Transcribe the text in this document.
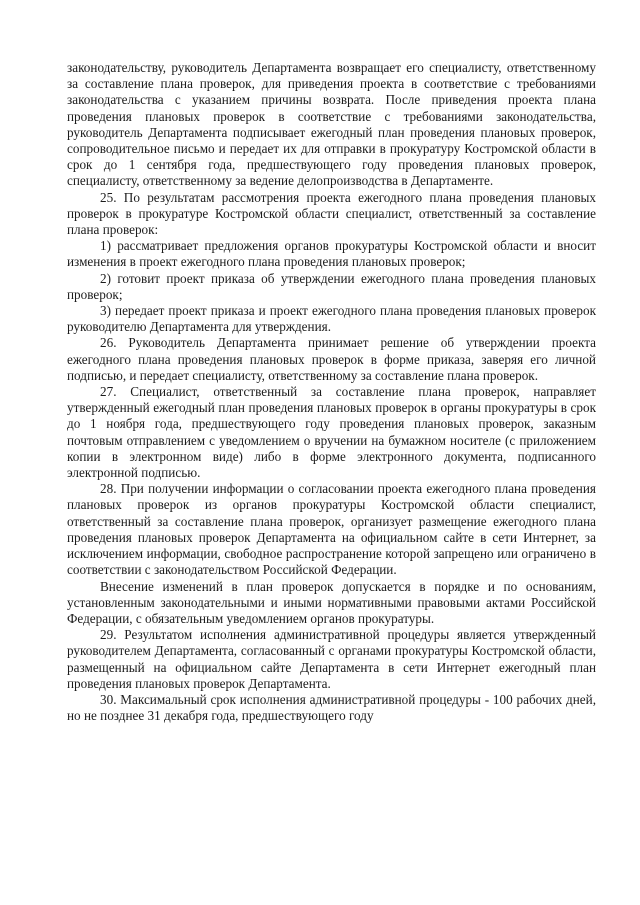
законодательству, руководитель Департамента возвращает его специалисту, ответственному за составление плана проверок, для приведения проекта в соответствие с требованиями законодательства с указанием причины возврата. После приведения проекта плана проведения плановых проверок в соответствие с требованиями законодательства, руководитель Департамента подписывает ежегодный план проведения плановых проверок, сопроводительное письмо и передает их для отправки в прокуратуру Костромской области в срок до 1 сентября года, предшествующего году проведения плановых проверок, специалисту, ответственному за ведение делопроизводства в Департаменте.

25. По результатам рассмотрения проекта ежегодного плана проведения плановых проверок в прокуратуре Костромской области специалист, ответственный за составление плана проверок:

1) рассматривает предложения органов прокуратуры Костромской области и вносит изменения в проект ежегодного плана проведения плановых проверок;

2) готовит проект приказа об утверждении ежегодного плана проведения плановых проверок;

3) передает проект приказа и проект ежегодного плана проведения плановых проверок руководителю Департамента для утверждения.

26. Руководитель Департамента принимает решение об утверждении проекта ежегодного плана проведения плановых проверок в форме приказа, заверяя его личной подписью, и передает специалисту, ответственному за составление плана проверок.

27. Специалист, ответственный за составление плана проверок, направляет утвержденный ежегодный план проведения плановых проверок в органы прокуратуры в срок до 1 ноября года, предшествующего году проведения плановых проверок, заказным почтовым отправлением с уведомлением о вручении на бумажном носителе (с приложением копии в электронном виде) либо в форме электронного документа, подписанного электронной подписью.

28. При получении информации о согласовании проекта ежегодного плана проведения плановых проверок из органов прокуратуры Костромской области специалист, ответственный за составление плана проверок, организует размещение ежегодного плана проведения плановых проверок Департамента на официальном сайте в сети Интернет, за исключением информации, свободное распространение которой запрещено или ограничено в соответствии с законодательством Российской Федерации.

Внесение изменений в план проверок допускается в порядке и по основаниям, установленным законодательными и иными нормативными правовыми актами Российской Федерации, с обязательным уведомлением органов прокуратуры.

29. Результатом исполнения административной процедуры является утвержденный руководителем Департамента, согласованный с органами прокуратуры Костромской области, размещенный на официальном сайте Департамента в сети Интернет ежегодный план проведения плановых проверок Департамента.

30. Максимальный срок исполнения административной процедуры - 100 рабочих дней, но не позднее 31 декабря года, предшествующего году
